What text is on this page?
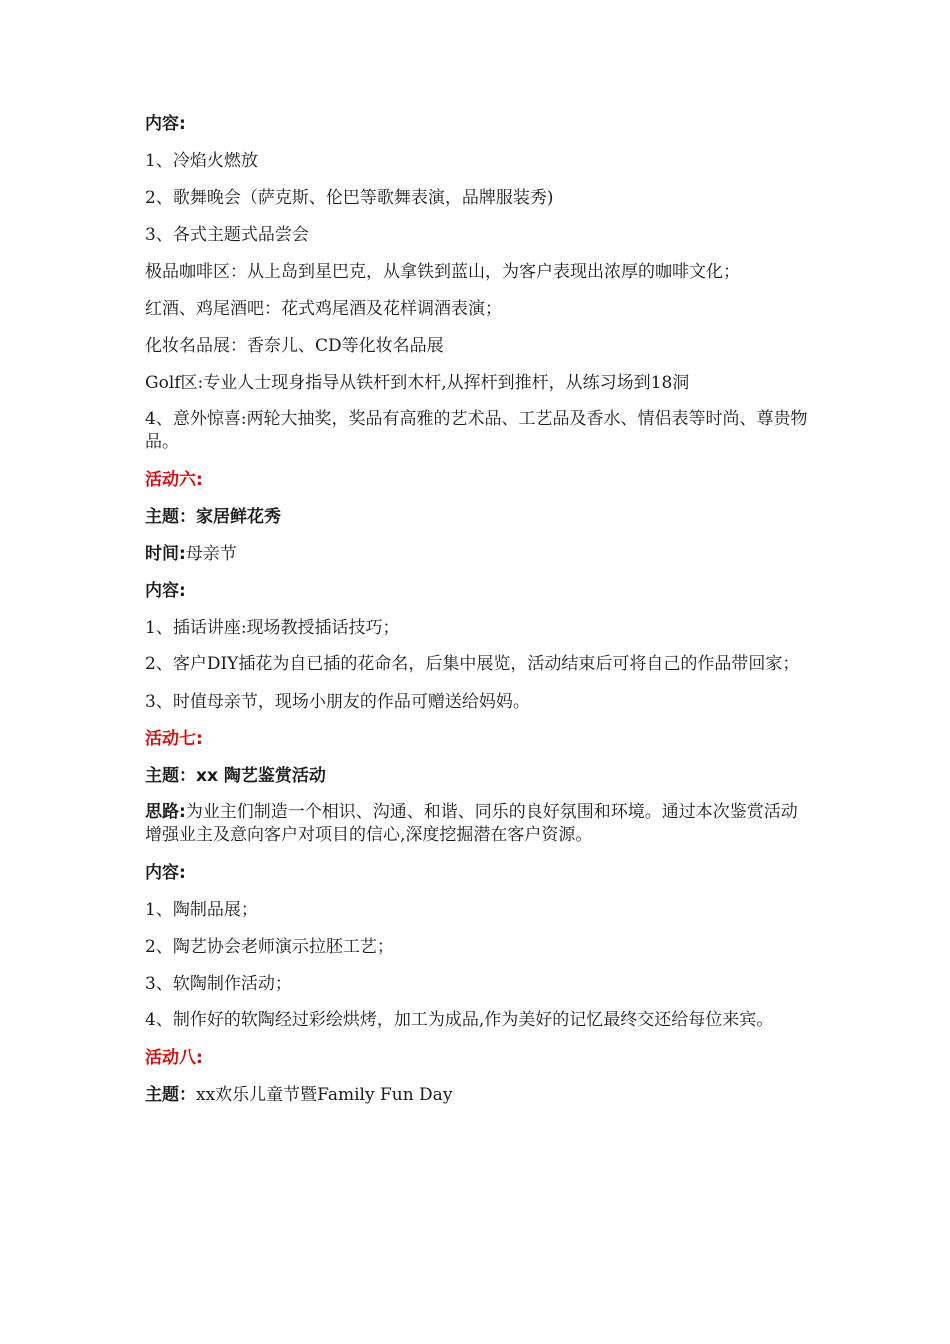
内容:

1、冷焰火燃放

2、歌舞晚会（萨克斯、伦巴等歌舞表演，品牌服装秀)

3、各式主题式品尝会

极品咖啡区：从上岛到星巴克，从拿铁到蓝山，为客户表现出浓厚的咖啡文化；

红酒、鸡尾酒吧：花式鸡尾酒及花样调酒表演；

化妆名品展：香奈儿、CD等化妆名品展

Golf区:专业人士现身指导从铁杆到木杆,从挥杆到推杆，从练习场到18洞

4、意外惊喜:两轮大抽奖，奖品有高雅的艺术品、工艺品及香水、情侣表等时尚、尊贵物品。

活动六:

主题：家居鲜花秀

时间:母亲节

内容:

1、插话讲座:现场教授插话技巧；

2、客户DIY插花为自已插的花命名，后集中展览，活动结束后可将自己的作品带回家；

3、时值母亲节，现场小朋友的作品可赠送给妈妈。

活动七:

主题：xx 陶艺鉴赏活动

思路:为业主们制造一个相识、沟通、和谐、同乐的良好氛围和环境。通过本次鉴赏活动增强业主及意向客户对项目的信心,深度挖掘潜在客户资源。

内容:

1、陶制品展；

2、陶艺协会老师演示拉胚工艺；

3、软陶制作活动；

4、制作好的软陶经过彩绘烘烤，加工为成品,作为美好的记忆最终交还给每位来宾。

活动八:

主题：xx欢乐儿童节暨Family Fun Day
